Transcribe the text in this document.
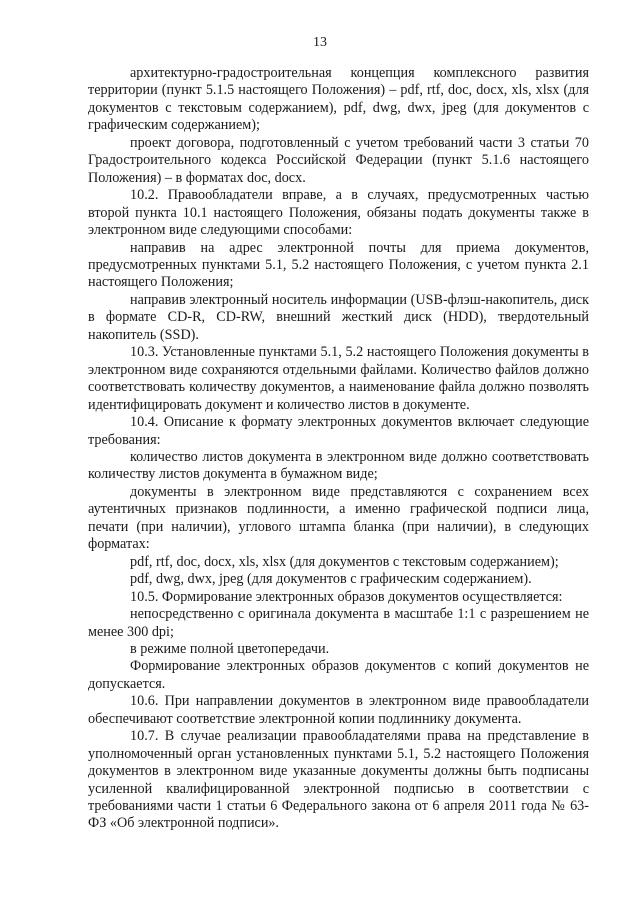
13

архитектурно-градостроительная концепция комплексного развития территории (пункт 5.1.5 настоящего Положения) – pdf, rtf, doc, docx, xls, xlsx (для документов с текстовым содержанием), pdf, dwg, dwx, jpeg (для документов с графическим содержанием);

проект договора, подготовленный с учетом требований части 3 статьи 70 Градостроительного кодекса Российской Федерации (пункт 5.1.6 настоящего Положения) – в форматах doc, docx.

10.2. Правообладатели вправе, а в случаях, предусмотренных частью второй пункта 10.1 настоящего Положения, обязаны подать документы также в электронном виде следующими способами:

направив на адрес электронной почты для приема документов, предусмотренных пунктами 5.1, 5.2 настоящего Положения, с учетом пункта 2.1 настоящего Положения;

направив электронный носитель информации (USB-флэш-накопитель, диск в формате CD-R, CD-RW, внешний жесткий диск (HDD), твердотельный накопитель (SSD).

10.3. Установленные пунктами 5.1, 5.2 настоящего Положения документы в электронном виде сохраняются отдельными файлами. Количество файлов должно соответствовать количеству документов, а наименование файла должно позволять идентифицировать документ и количество листов в документе.

10.4. Описание к формату электронных документов включает следующие требования:

количество листов документа в электронном виде должно соответствовать количеству листов документа в бумажном виде;

документы в электронном виде представляются с сохранением всех аутентичных признаков подлинности, а именно графической подписи лица, печати (при наличии), углового штампа бланка (при наличии), в следующих форматах:

pdf, rtf, doc, docx, xls, xlsx (для документов с текстовым содержанием);

pdf, dwg, dwx, jpeg (для документов с графическим содержанием).

10.5. Формирование электронных образов документов осуществляется:

непосредственно с оригинала документа в масштабе 1:1 с разрешением не менее 300 dpi;

в режиме полной цветопередачи.

Формирование электронных образов документов с копий документов не допускается.

10.6. При направлении документов в электронном виде правообладатели обеспечивают соответствие электронной копии подлиннику документа.

10.7. В случае реализации правообладателями права на представление в уполномоченный орган установленных пунктами 5.1, 5.2 настоящего Положения документов в электронном виде указанные документы должны быть подписаны усиленной квалифицированной электронной подписью в соответствии с требованиями части 1 статьи 6 Федерального закона от 6 апреля 2011 года № 63-ФЗ «Об электронной подписи».
